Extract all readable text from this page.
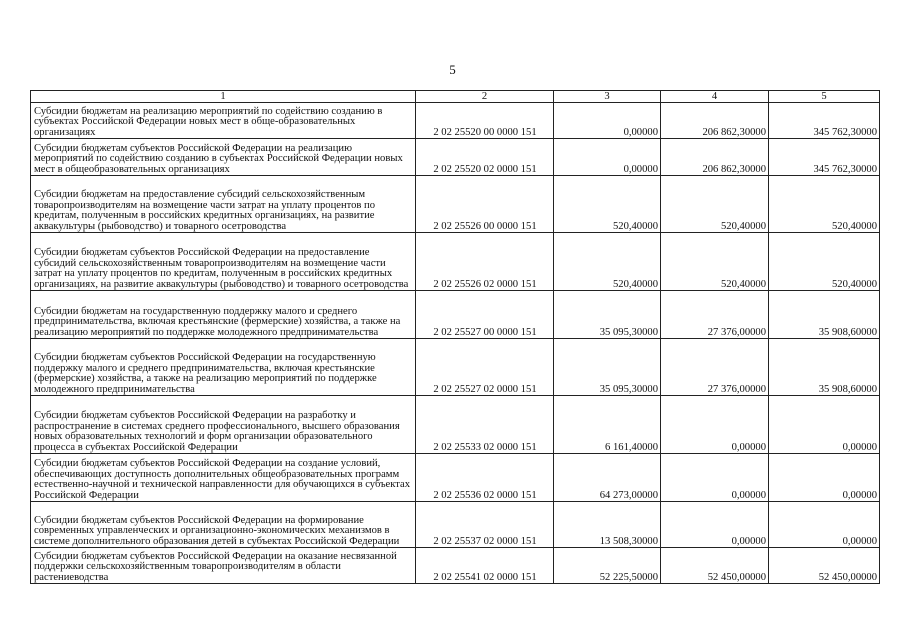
5
1	2	3	4	5
Субсидии бюджетам на реализацию мероприятий по содействию созданию в субъектах Российской Федерации новых мест в обще-образовательных организациях	2 02 25520 00 0000 151	0,00000	206 862,30000	345 762,30000
Субсидии бюджетам субъектов Российской Федерации на реализацию мероприятий по содействию созданию в субъектах Российской Федерации новых мест в общеобразовательных организациях	2 02 25520 02 0000 151	0,00000	206 862,30000	345 762,30000
Субсидии бюджетам на предоставление субсидий сельскохозяйственным товаропроизводителям на возмещение части затрат на уплату процентов по кредитам, полученным в российских кредитных организациях, на развитие аквакультуры (рыбоводство) и товарного осетроводства	2 02 25526 00 0000 151	520,40000	520,40000	520,40000
Субсидии бюджетам субъектов Российской Федерации на предоставление субсидий сельскохозяйственным товаропроизводителям на возмещение части затрат на уплату процентов по кредитам, полученным в российских кредитных организациях, на развитие аквакультуры (рыбоводство) и товарного осетроводства	2 02 25526 02 0000 151	520,40000	520,40000	520,40000
Субсидии бюджетам на государственную поддержку малого и среднего предпринимательства, включая крестьянские (фермерские) хозяйства, а также на реализацию мероприятий по поддержке молодежного предпринимательства	2 02 25527 00 0000 151	35 095,30000	27 376,00000	35 908,60000
Субсидии бюджетам субъектов Российской Федерации на государственную поддержку малого и среднего предпринимательства, включая крестьянские (фермерские) хозяйства, а также на реализацию мероприятий по поддержке молодежного предпринимательства	2 02 25527 02 0000 151	35 095,30000	27 376,00000	35 908,60000
Субсидии бюджетам субъектов Российской Федерации на разработку и распространение в системах среднего профессионального, высшего образования новых образовательных технологий и форм организации образовательного процесса в субъектах Российской Федерации	2 02 25533 02 0000 151	6 161,40000	0,00000	0,00000
Субсидии бюджетам субъектов Российской Федерации на создание условий, обеспечивающих доступность дополнительных общеобразовательных программ естественно-научной и технической направленности для обучающихся в субъектах Российской Федерации	2 02 25536 02 0000 151	64 273,00000	0,00000	0,00000
Субсидии бюджетам субъектов Российской Федерации на формирование современных управленческих и организационно-экономических механизмов в системе дополнительного образования детей в субъектах Российской Федерации	2 02 25537 02 0000 151	13 508,30000	0,00000	0,00000
Субсидии бюджетам субъектов Российской Федерации на оказание несвязанной поддержки сельскохозяйственным товаропроизводителям в области растениеводства	2 02 25541 02 0000 151	52 225,50000	52 450,00000	52 450,00000
